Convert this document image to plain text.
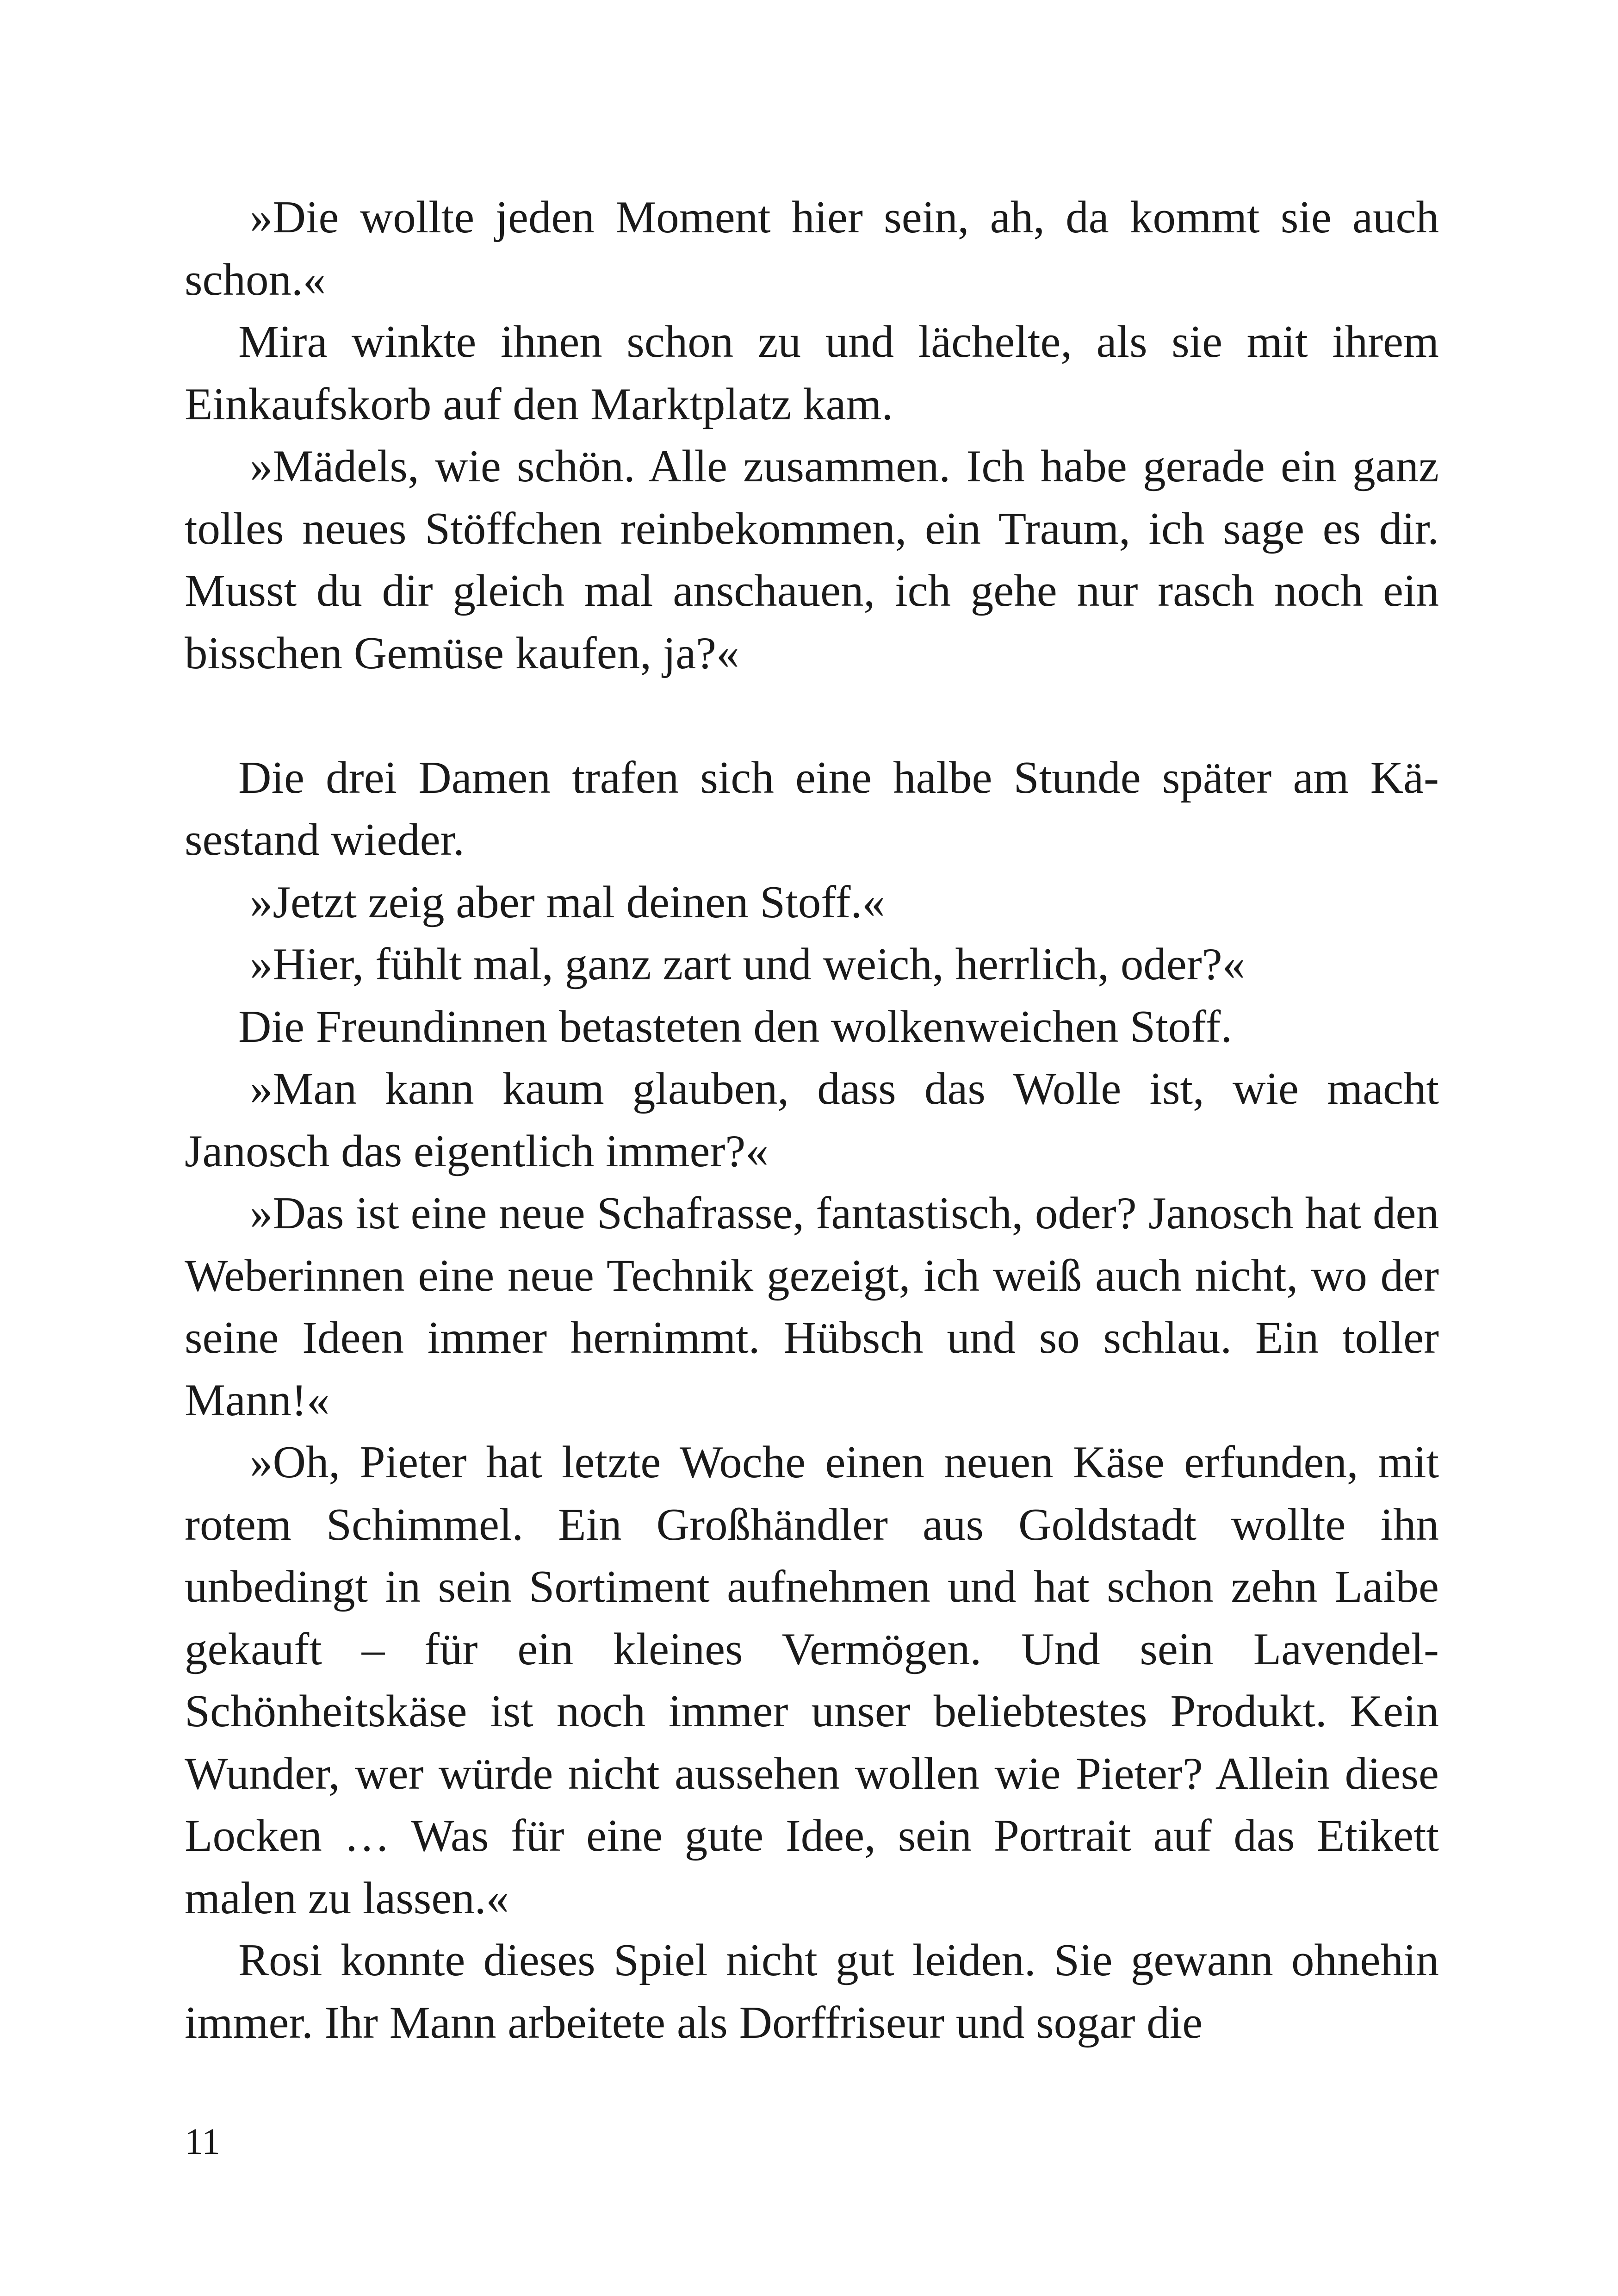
»Die wollte jeden Moment hier sein, ah, da kommt sie auch schon.«

Mira winkte ihnen schon zu und lächelte, als sie mit ihrem Einkaufskorb auf den Marktplatz kam.

»Mädels, wie schön. Alle zusammen. Ich habe gerade ein ganz tolles neues Stöffchen reinbekommen, ein Traum, ich sage es dir. Musst du dir gleich mal anschauen, ich gehe nur rasch noch ein bisschen Gemüse kaufen, ja?«

Die drei Damen trafen sich eine halbe Stunde später am Käsestand wieder.

»Jetzt zeig aber mal deinen Stoff.«

»Hier, fühlt mal, ganz zart und weich, herrlich, oder?«

Die Freundinnen betasteten den wolkenweichen Stoff.

»Man kann kaum glauben, dass das Wolle ist, wie macht Janosch das eigentlich immer?«

»Das ist eine neue Schafrasse, fantastisch, oder? Janosch hat den Weberinnen eine neue Technik gezeigt, ich weiß auch nicht, wo der seine Ideen immer hernimmt. Hübsch und so schlau. Ein toller Mann!«

»Oh, Pieter hat letzte Woche einen neuen Käse erfunden, mit rotem Schimmel. Ein Großhändler aus Goldstadt wollte ihn unbedingt in sein Sortiment aufnehmen und hat schon zehn Laibe gekauft – für ein kleines Vermögen. Und sein Lavendel-Schönheitskäse ist noch immer unser beliebtestes Produkt. Kein Wunder, wer würde nicht aussehen wollen wie Pieter? Allein diese Locken … Was für eine gute Idee, sein Portrait auf das Etikett malen zu lassen.«

Rosi konnte dieses Spiel nicht gut leiden. Sie gewann ohnehin immer. Ihr Mann arbeitete als Dorffriseur und sogar die

11
